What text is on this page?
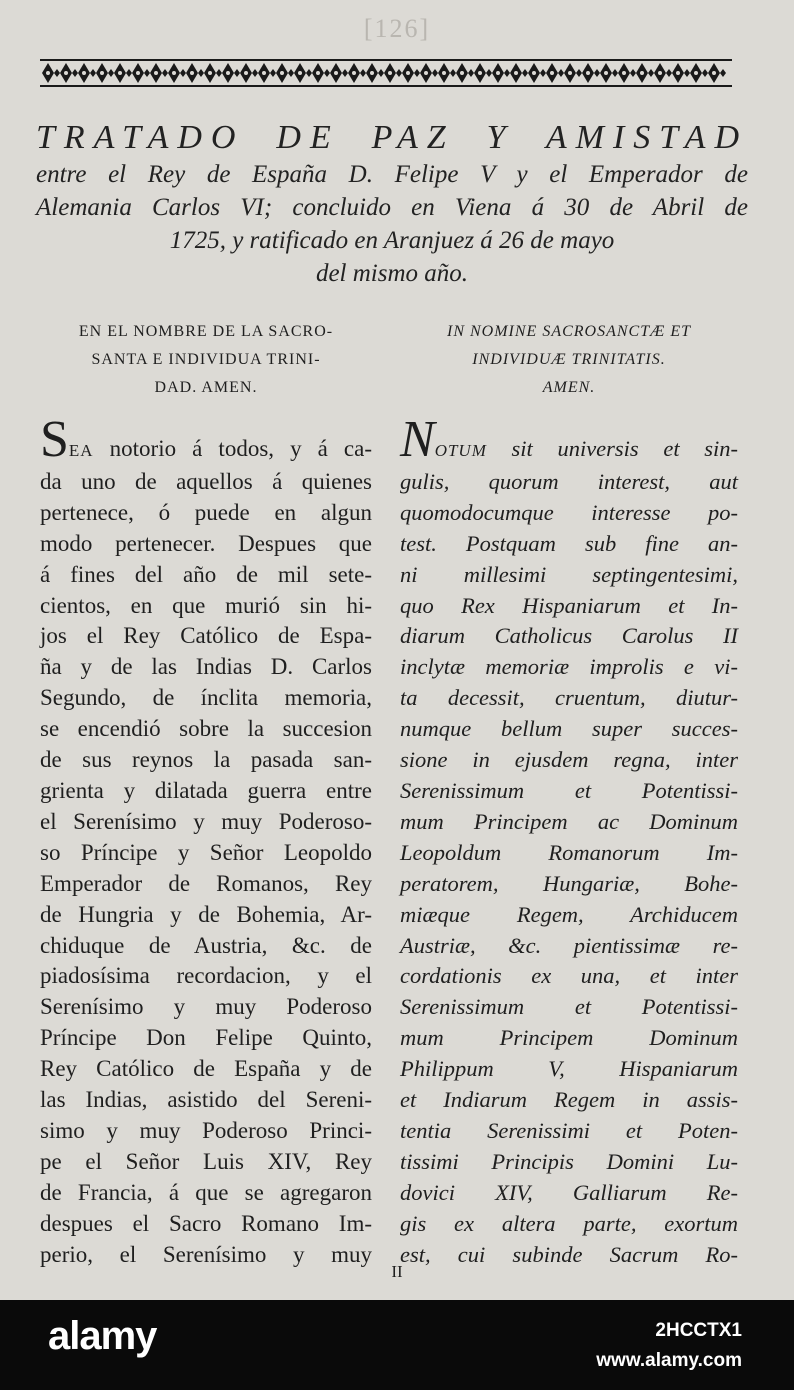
[126]
TRATADO DE PAZ Y AMISTAD
entre el Rey de España D. Felipe V y el Emperador de
Alemania Carlos VI; concluido en Viena á 30 de Abril de
1725, y ratificado en Aranjuez á 26 de mayo
del mismo año.
EN EL NOMBRE DE LA SACRO-
SANTA E INDIVIDUA TRINI-
DAD. AMEN.
SEA notorio á todos, y á ca-
da uno de aquellos á quienes
pertenece, ó puede en algun
modo pertenecer. Despues que
á fines del año de mil sete-
cientos, en que murió sin hi-
jos el Rey Católico de Espa-
ña y de las Indias D. Carlos
Segundo, de ínclita memoria,
se encendió sobre la succesion
de sus reynos la pasada san-
grienta y dilatada guerra entre
el Serenísimo y muy Poderoso-
so Príncipe y Señor Leopoldo
Emperador de Romanos, Rey
de Hungria y de Bohemia, Ar-
chiduque de Austria, &c. de
piadosísima recordacion, y el
Serenísimo y muy Poderoso
Príncipe Don Felipe Quinto,
Rey Católico de España y de
las Indias, asistido del Sereni-
simo y muy Poderoso Princi-
pe el Señor Luis XIV, Rey
de Francia, á que se agregaron
despues el Sacro Romano Im-
perio, el Serenísimo y muy
IN NOMINE SACROSANCTÆ ET
INDIVIDUÆ TRINITATIS.
AMEN.
NOTUM sit universis et sin-
gulis, quorum interest, aut
quomodocumque interesse po-
test. Postquam sub fine an-
ni millesimi septingentesimi,
quo Rex Hispaniarum et In-
diarum Catholicus Carolus II
inclytæ memoriæ improlis e vi-
ta decessit, cruentum, diutur-
numque bellum super succes-
sione in ejusdem regna, inter
Serenissimum et Potentissi-
mum Principem ac Dominum
Leopoldum Romanorum Im-
peratorem, Hungariæ, Bohe-
miæque Regem, Archiducem
Austriæ, &c. pientissimæ re-
cordationis ex una, et inter
Serenissimum et Potentissi-
mum Principem Dominum
Philippum V, Hispaniarum
et Indiarum Regem in assis-
tentia Serenissimi et Poten-
tissimi Principis Domini Lu-
dovici XIV, Galliarum Re-
gis ex altera parte, exortum
est, cui subinde Sacrum Ro-
II
alamy	2HCCTX1
www.alamy.com
